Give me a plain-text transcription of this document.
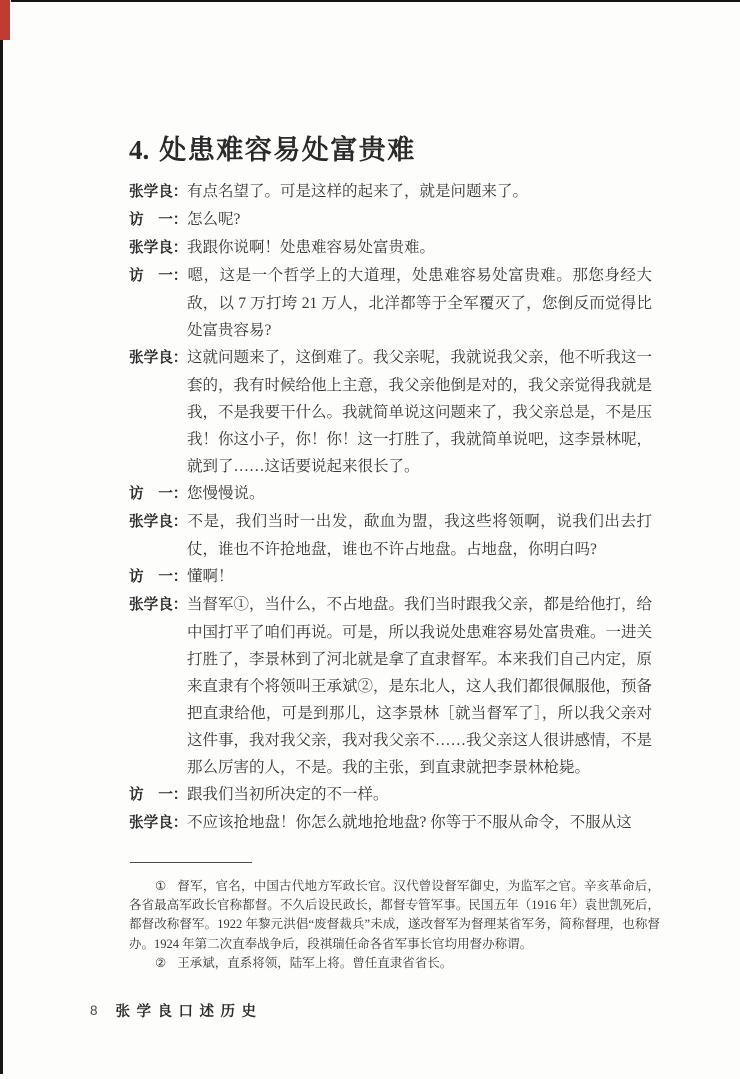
4. 处患难容易处富贵难

张学良：有点名望了。可是这样的起来了，就是问题来了。

访　一：怎么呢?

张学良：我跟你说啊！处患难容易处富贵难。

访　一：嗯，这是一个哲学上的大道理，处患难容易处富贵难。那您身经大敌，以 7 万打垮 21 万人，北洋都等于全军覆灭了，您倒反而觉得比处富贵容易?

张学良：这就问题来了，这倒难了。我父亲呢，我就说我父亲，他不听我这一套的，我有时候给他上主意，我父亲他倒是对的，我父亲觉得我就是我，不是我要干什么。我就简单说这问题来了，我父亲总是，不是压我！你这小子，你！你！这一打胜了，我就简单说吧，这李景林呢，就到了……这话要说起来很长了。

访　一：您慢慢说。

张学良：不是，我们当时一出发，歃血为盟，我这些将领啊，说我们出去打仗，谁也不许抢地盘，谁也不许占地盘。占地盘，你明白吗?

访　一：懂啊！

张学良：当督军①，当什么，不占地盘。我们当时跟我父亲，都是给他打，给中国打平了咱们再说。可是，所以我说处患难容易处富贵难。一进关打胜了，李景林到了河北就是拿了直隶督军。本来我们自己内定，原来直隶有个将领叫王承斌②，是东北人，这人我们都很佩服他，预备把直隶给他，可是到那儿，这李景林［就当督军了］，所以我父亲对这件事，我对我父亲，我对我父亲不……我父亲这人很讲感情，不是那么厉害的人，不是。我的主张，到直隶就把李景林枪毙。

访　一：跟我们当初所决定的不一样。

张学良：不应该抢地盘！你怎么就地抢地盘? 你等于不服从命令，不服从这

① 督军，官名，中国古代地方军政长官。汉代曾设督军御史，为监军之官。辛亥革命后，各省最高军政长官称都督。不久后设民政长，都督专管军事。民国五年（1916 年）袁世凯死后，都督改称督军。1922 年黎元洪倡“废督裁兵”未成，遂改督军为督理某省军务，简称督理，也称督办。1924 年第二次直奉战争后，段祺瑞任命各省军事长官均用督办称谓。

② 王承斌，直系将领，陆军上将。曾任直隶省省长。

8 张学良口述历史
